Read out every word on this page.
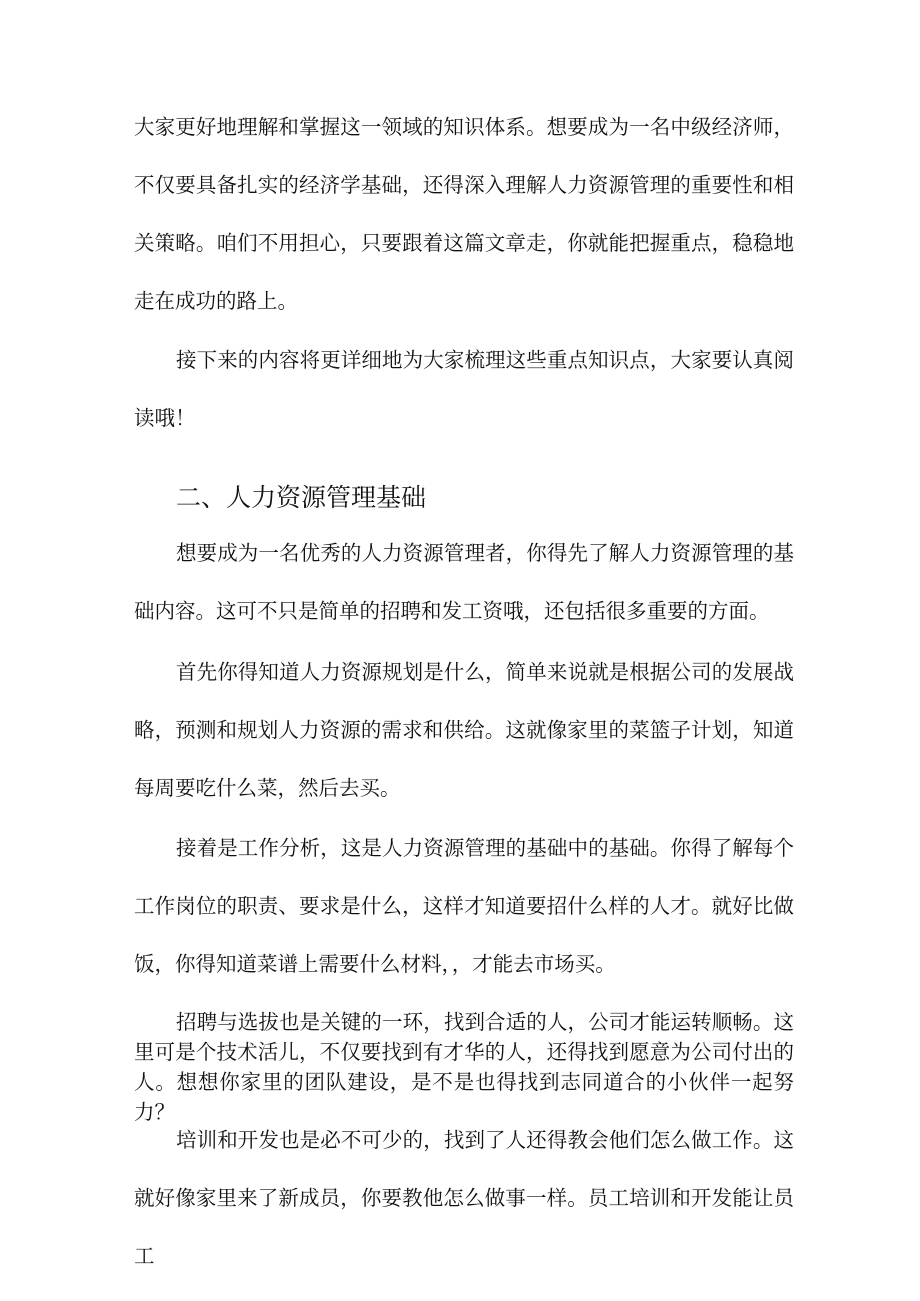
大家更好地理解和掌握这一领域的知识体系。想要成为一名中级经济师，不仅要具备扎实的经济学基础，还得深入理解人力资源管理的重要性和相关策略。咱们不用担心，只要跟着这篇文章走，你就能把握重点，稳稳地走在成功的路上。

接下来的内容将更详细地为大家梳理这些重点知识点，大家要认真阅读哦！

二、人力资源管理基础

想要成为一名优秀的人力资源管理者，你得先了解人力资源管理的基础内容。这可不只是简单的招聘和发工资哦，还包括很多重要的方面。

首先你得知道人力资源规划是什么，简单来说就是根据公司的发展战略，预测和规划人力资源的需求和供给。这就像家里的菜篮子计划，知道每周要吃什么菜，然后去买。

接着是工作分析，这是人力资源管理的基础中的基础。你得了解每个工作岗位的职责、要求是什么，这样才知道要招什么样的人才。就好比做饭，你得知道菜谱上需要什么材料，，才能去市场买。

招聘与选拔也是关键的一环，找到合适的人，公司才能运转顺畅。这里可是个技术活儿，不仅要找到有才华的人，还得找到愿意为公司付出的人。想想你家里的团队建设，是不是也得找到志同道合的小伙伴一起努力？

培训和开发也是必不可少的，找到了人还得教会他们怎么做工作。这就好像家里来了新成员，你要教他怎么做事一样。员工培训和开发能让员工
